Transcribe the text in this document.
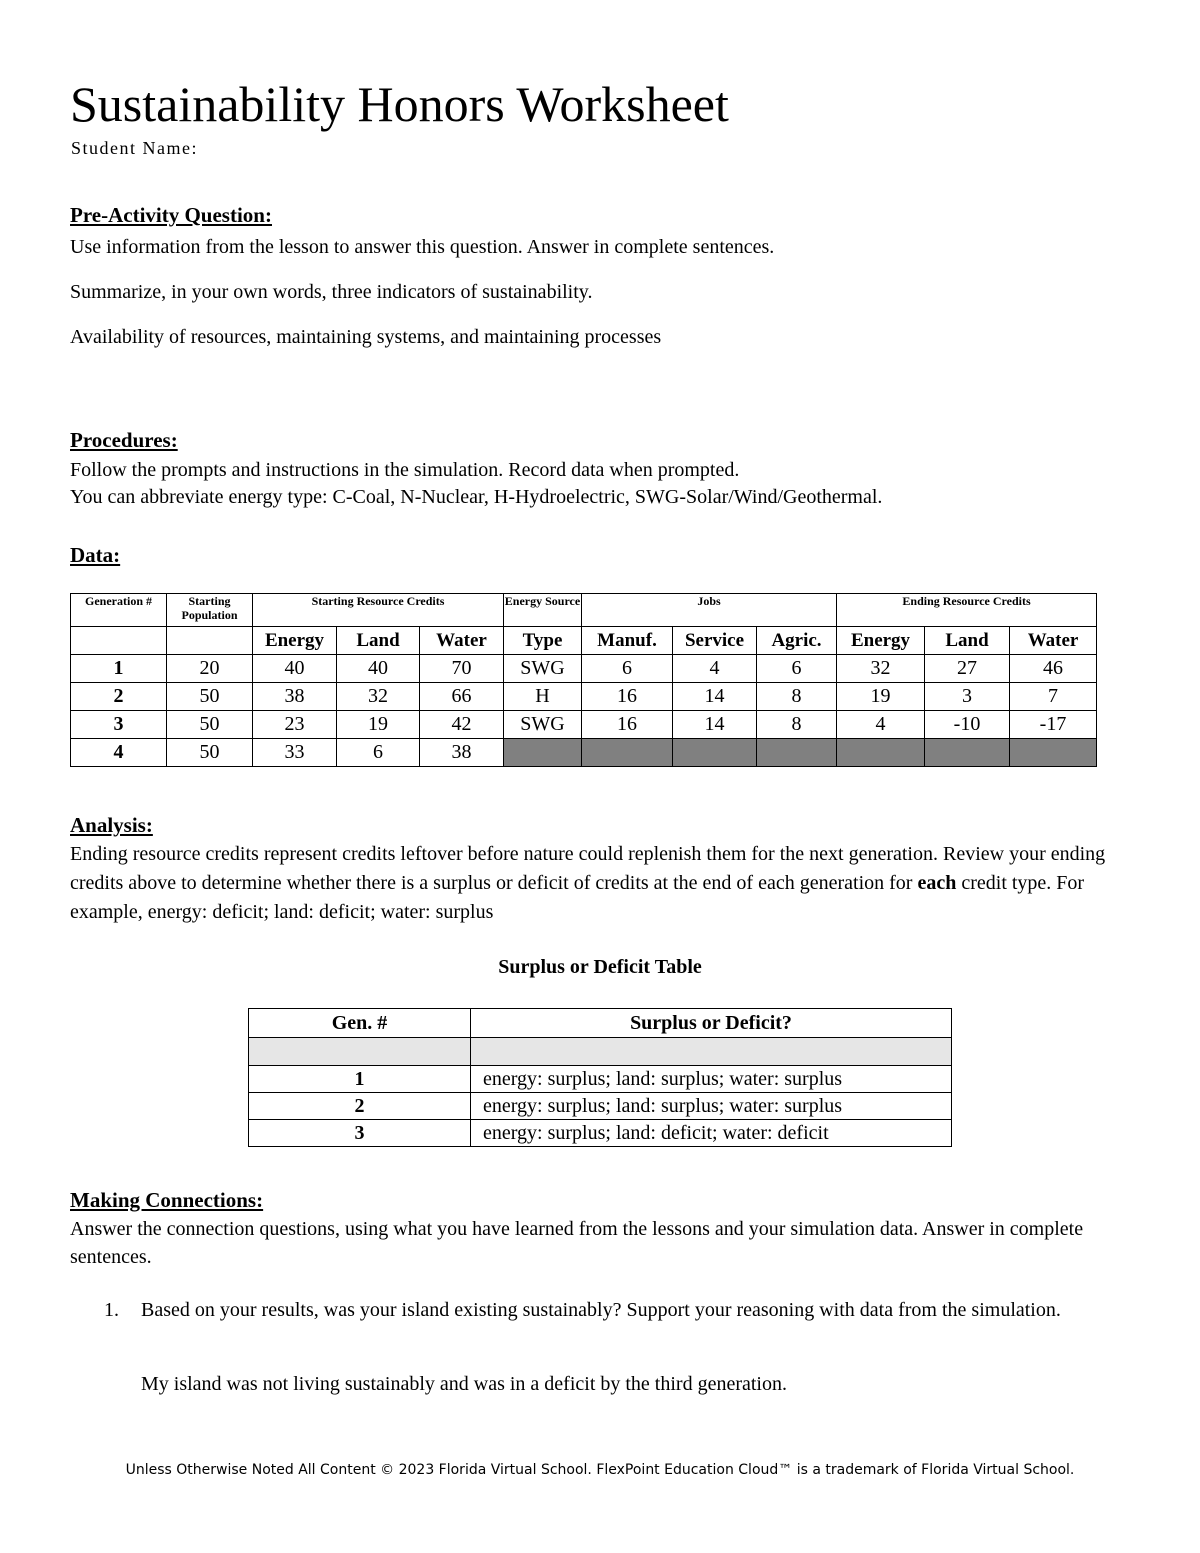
Sustainability Honors Worksheet
Student Name:
Pre-Activity Question:
Use information from the lesson to answer this question. Answer in complete sentences.
Summarize, in your own words, three indicators of sustainability.
Availability of resources, maintaining systems, and maintaining processes
Procedures:
Follow the prompts and instructions in the simulation. Record data when prompted.
You can abbreviate energy type: C-Coal, N-Nuclear, H-Hydroelectric, SWG-Solar/Wind/Geothermal.
Data:
Generation #	Starting Population	Starting Resource Credits			Energy Source	Jobs			Ending Resource Credits		
		Energy	Land	Water	Type	Manuf.	Service	Agric.	Energy	Land	Water
1	20	40	40	70	SWG	6	4	6	32	27	46
2	50	38	32	66	H	16	14	8	19	3	7
3	50	23	19	42	SWG	16	14	8	4	-10	-17
4	50	33	6	38							
Analysis:
Ending resource credits represent credits leftover before nature could replenish them for the next generation. Review your ending credits above to determine whether there is a surplus or deficit of credits at the end of each generation for each credit type. For example, energy: deficit; land: deficit; water: surplus
Surplus or Deficit Table
Gen. #	Surplus or Deficit?

1	energy: surplus; land: surplus; water: surplus
2	energy: surplus; land: surplus; water: surplus
3	energy: surplus; land: deficit; water: deficit
Making Connections:
Answer the connection questions, using what you have learned from the lessons and your simulation data. Answer in complete sentences.
1. Based on your results, was your island existing sustainably? Support your reasoning with data from the simulation.
My island was not living sustainably and was in a deficit by the third generation.
Unless Otherwise Noted All Content © 2023 Florida Virtual School. FlexPoint Education Cloud™ is a trademark of Florida Virtual School.
